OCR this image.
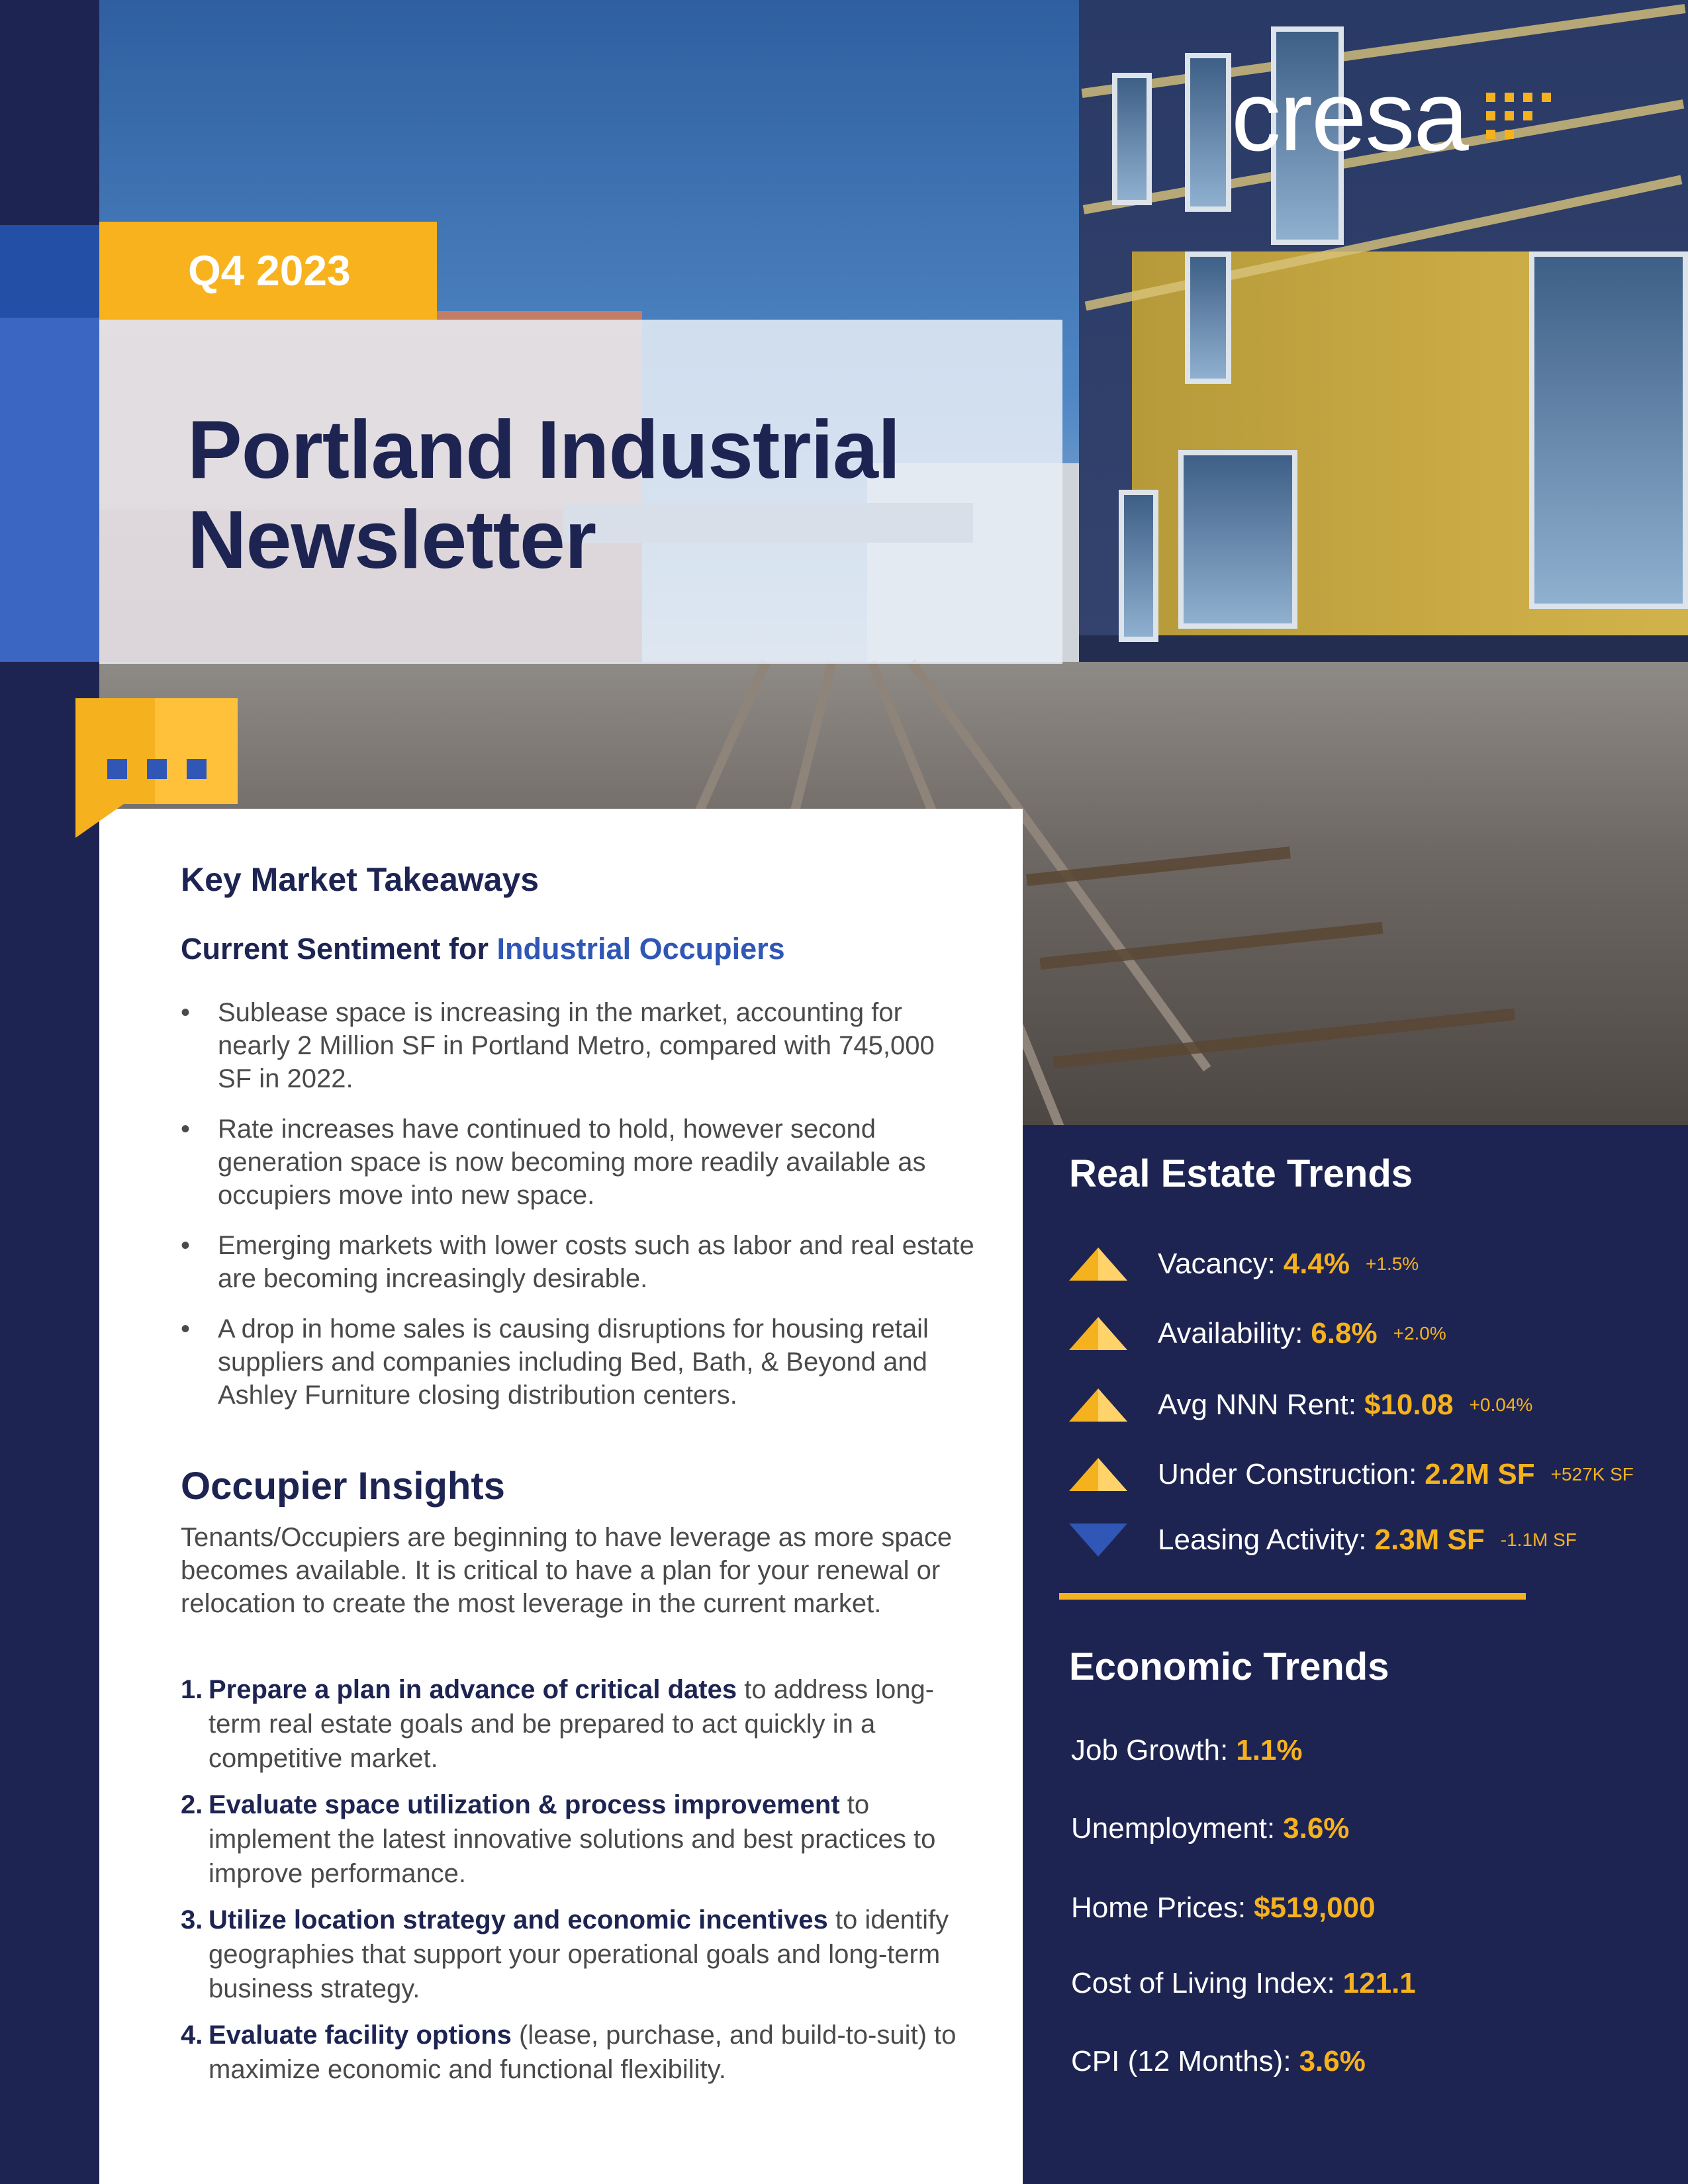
cresa
Q4 2023
Portland Industrial
Newsletter
Key Market Takeaways
Current Sentiment for Industrial Occupiers
• Sublease space is increasing in the market, accounting for nearly 2 Million SF in Portland Metro, compared with 745,000 SF in 2022.
• Rate increases have continued to hold, however second generation space is now becoming more readily available as occupiers move into new space.
• Emerging markets with lower costs such as labor and real estate are becoming increasingly desirable.
• A drop in home sales is causing disruptions for housing retail suppliers and companies including Bed, Bath, & Beyond and Ashley Furniture closing distribution centers.
Occupier Insights
Tenants/Occupiers are beginning to have leverage as more space becomes available. It is critical to have a plan for your renewal or relocation to create the most leverage in the current market.
1. Prepare a plan in advance of critical dates to address long-term real estate goals and be prepared to act quickly in a competitive market.
2. Evaluate space utilization & process improvement to implement the latest innovative solutions and best practices to improve performance.
3. Utilize location strategy and economic incentives to identify geographies that support your operational goals and long-term business strategy.
4. Evaluate facility options (lease, purchase, and build-to-suit) to maximize economic and functional flexibility.
Real Estate Trends
Vacancy: 4.4% +1.5%
Availability: 6.8% +2.0%
Avg NNN Rent: $10.08 +0.04%
Under Construction: 2.2M SF +527K SF
Leasing Activity: 2.3M SF -1.1M SF
Economic Trends
Job Growth: 1.1%
Unemployment: 3.6%
Home Prices: $519,000
Cost of Living Index: 121.1
CPI (12 Months): 3.6%
